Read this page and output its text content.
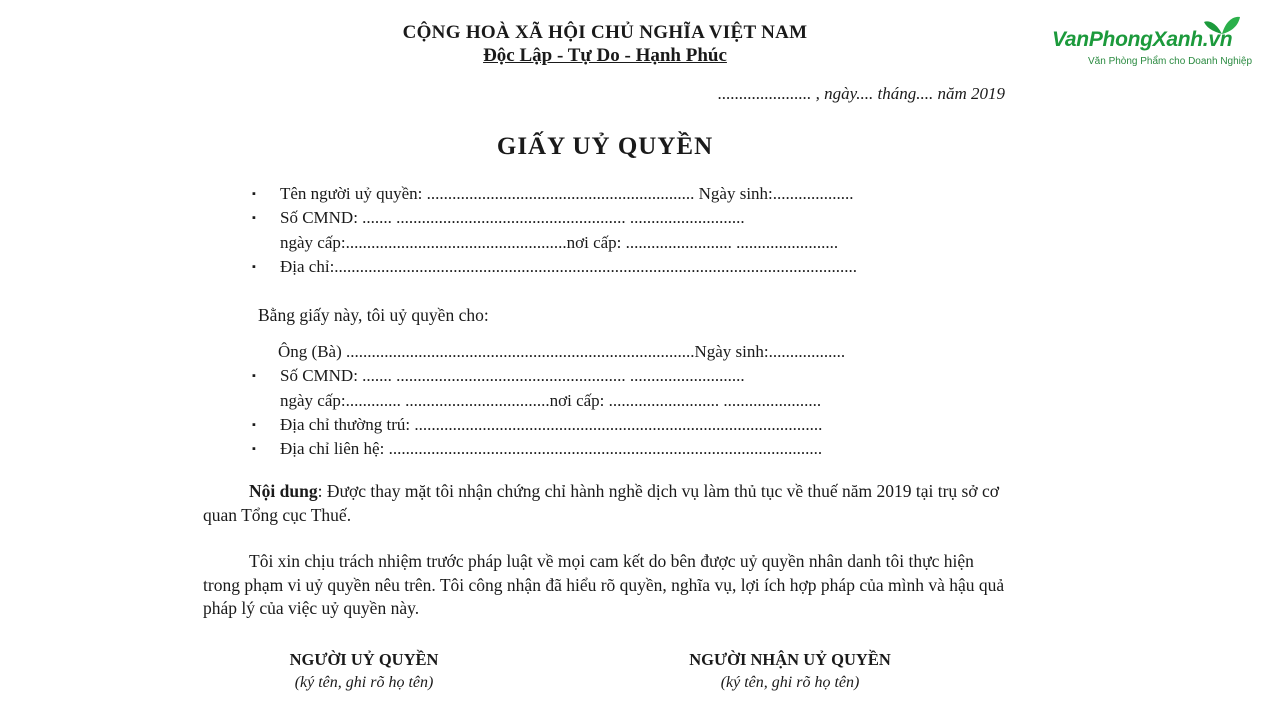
CỘNG HOÀ XÃ HỘI CHỦ NGHĨA VIỆT NAM
Độc Lập - Tự Do - Hạnh Phúc
...................... , ngày.... tháng.... năm 2019
VanPhongXanh.vn
Văn Phòng Phẩm cho Doanh Nghiệp
GIẤY UỶ QUYỀN
▪ Tên người uỷ quyền: ............................................................... Ngày sinh:...................
▪ Số CMND: ....... ...................................................... ...........................
ngày cấp:....................................................nơi cấp: ......................... ........................
▪ Địa chỉ:...........................................................................................................................
Bằng giấy này, tôi uỷ quyền cho:
Ông (Bà) ..................................................................................Ngày sinh:..................
▪ Số CMND: ....... ...................................................... ...........................
ngày cấp:............. ..................................nơi cấp: .......................... .......................
▪ Địa chỉ thường trú: ................................................................................................
▪ Địa chỉ liên hệ: ......................................................................................................
Nội dung: Được thay mặt tôi nhận chứng chỉ hành nghề dịch vụ làm thủ tục về thuế năm 2019 tại trụ sở cơ quan Tổng cục Thuế.
Tôi xin chịu trách nhiệm trước pháp luật về mọi cam kết do bên được uỷ quyền nhân danh tôi thực hiện trong phạm vi uỷ quyền nêu trên. Tôi công nhận đã hiểu rõ quyền, nghĩa vụ, lợi ích hợp pháp của mình và hậu quả pháp lý của việc uỷ quyền này.
NGƯỜI UỶ QUYỀN
(ký tên, ghi rõ họ tên)
NGƯỜI NHẬN UỶ QUYỀN
(ký tên, ghi rõ họ tên)
